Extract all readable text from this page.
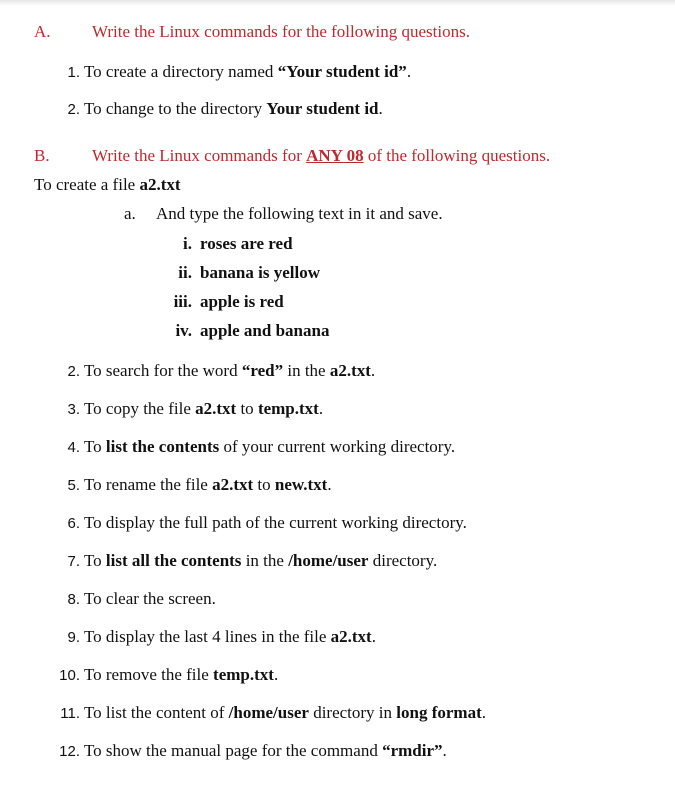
A. Write the Linux commands for the following questions.
1. To create a directory named “Your student id”.
2. To change to the directory Your student id.
B. Write the Linux commands for ANY 08 of the following questions.
To create a file a2.txt
a. And type the following text in it and save.
i. roses are red
ii. banana is yellow
iii. apple is red
iv. apple and banana
2. To search for the word “red” in the a2.txt.
3. To copy the file a2.txt to temp.txt.
4. To list the contents of your current working directory.
5. To rename the file a2.txt to new.txt.
6. To display the full path of the current working directory.
7. To list all the contents in the /home/user directory.
8. To clear the screen.
9. To display the last 4 lines in the file a2.txt.
10. To remove the file temp.txt.
11. To list the content of /home/user directory in long format.
12. To show the manual page for the command “rmdir”.
